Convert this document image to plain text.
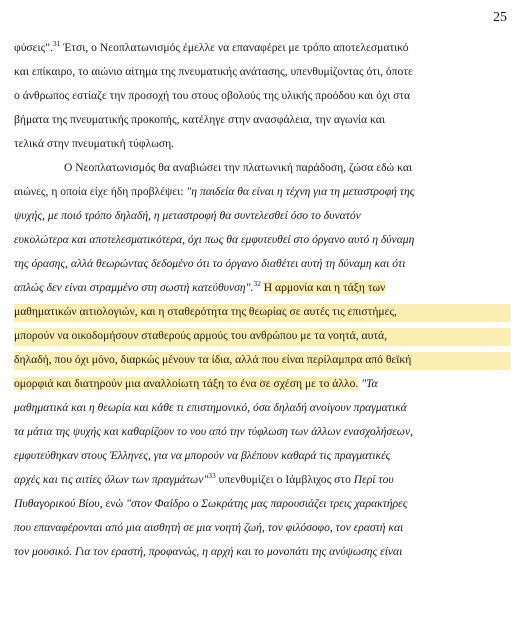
25
φύσεις".$^{31}$ Έτσι, ο Νεοπλατωνισμός έμελλε να επαναφέρει με τρόπο αποτελεσματικό
και επίκαιρο, το αιώνιο αίτημα της πνευματικής ανάτασης, υπενθυμίζοντας ότι, όποτε
ο άνθρωπος εστίαζε την προσοχή του στους οβολούς της υλικής προόδου και όχι στα
βήματα της πνευματικής προκοπής, κατέληγε στην ανασφάλεια, την αγωνία και
τελικά στην πνευματική τύφλωση.
Ο Νεοπλατωνισμός θα αναβιώσει την πλατωνική παράδοση, ζώσα εδώ και
αιώνες, η οποία είχε ήδη προβλέψει: "η παιδεία θα είναι η τέχνη για τη μεταστροφή της
ψυχής, με ποιό τρόπο δηλαδή, η μεταστροφή θα συντελεσθεί όσο το δυνατόν
ευκολώτερα και αποτελεσματικότερα, όχι πως θα εμφυτευθεί στο όργανο αυτό η δύναμη
της όρασης, αλλά θεωρώντας δεδομένο ότι το όργανο διαθέτει αυτή τη δύναμη και ότι
απλώς δεν είναι στραμμένο στη σωστή κατεύθυνση".$^{32}$ Η αρμονία και η τάξη των
μαθηματικών αιτιολογιών, και η σταθερότητα της θεωρίας σε αυτές τις επιστήμες,
μπορούν να οικοδομήσουν σταθερούς αρμούς του ανθρώπου με τα νοητά, αυτά,
δηλαδή, που όχι μόνο, διαρκώς μένουν τα ίδια, αλλά που είναι περίλαμπρα από θεϊκή
ομορφιά και διατηρούν μια αναλλοίωτη τάξη το ένα σε σχέση με το άλλο. "Τα
μαθηματικά και η θεωρία και κάθε τι επιστημονικό, όσα δηλαδή ανοίγουν πραγματικά
τα μάτια της ψυχής και καθαρίζουν το νου από την τύφλωση των άλλων ενασχολήσεων,
εμφυτεύθηκαν στους Έλληνες, για να μπορούν να βλέπουν καθαρά τις πραγματικές
αρχές και τις αιτίες όλων των πραγμάτων"$^{33}$ υπενθυμίζει ο Ιάμβλιχος στο Περί του
Πυθαγορικού Βίου, ενώ "στον Φαίδρο ο Σωκράτης μας παρουσιάζει τρεις χαρακτήρες
που επαναφέρονται από μια αισθητή σε μια νοητή ζωή, τον φιλόσοφο, τον εραστή και
τον μουσικό. Για τον εραστή, προφανώς, η αρχή και το μονοπάτι της ανύψωσης είναι
